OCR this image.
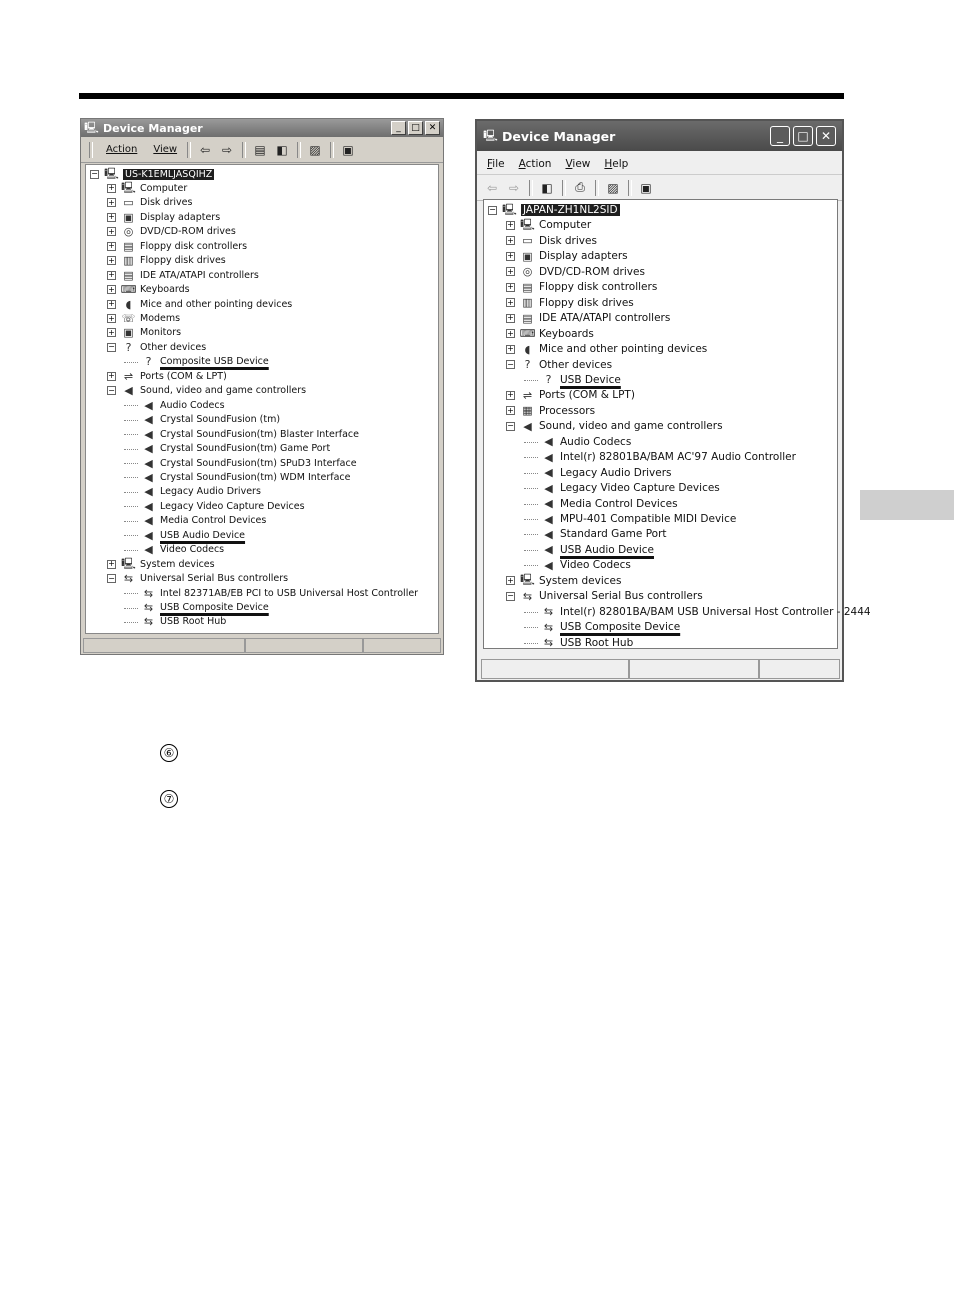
🖳 Device Manager	_	□ ✕
Action View	⇦ ⇨	▤ ◧ ▨ ▣
− 🖳 US-K1EMLJASQIHZ
+ 🖳 Computer
+ ▭ Disk drives
+ ▣ Display adapters
+ ◎ DVD/CD-ROM drives
+ ▤ Floppy disk controllers
+ ▥ Floppy disk drives
+ ▤ IDE ATA/ATAPI controllers
+ ⌨ Keyboards
+ ◖ Mice and other pointing devices
+ ☏ Modems
+ ▣ Monitors
− ? Other devices
? Composite USB Device
+ ⇌ Ports (COM & LPT)
− ◀ Sound, video and game controllers
◀ Audio Codecs
◀ Crystal SoundFusion (tm)
◀ Crystal SoundFusion(tm) Blaster Interface
◀ Crystal SoundFusion(tm) Game Port
◀ Crystal SoundFusion(tm) SPuD3 Interface
◀ Crystal SoundFusion(tm) WDM Interface
◀ Legacy Audio Drivers
◀ Legacy Video Capture Devices
◀ Media Control Devices
◀ USB Audio Device
◀ Video Codecs
+ 🖳 System devices
− ⇆ Universal Serial Bus controllers
⇆ Intel 82371AB/EB PCI to USB Universal Host Controller
⇆ USB Composite Device
⇆ USB Root Hub
🖳 Device Manager	_	□	✕
File Action View Help
⇦ ⇨	◧	⎙	▨ ▣
− 🖳 JAPAN-ZH1NL2SID
+ 🖳 Computer
+ ▭ Disk drives
+ ▣ Display adapters
+ ◎ DVD/CD-ROM drives
+ ▤ Floppy disk controllers
+ ▥ Floppy disk drives
+ ▤ IDE ATA/ATAPI controllers
+ ⌨ Keyboards
+ ◖ Mice and other pointing devices
− ? Other devices
? USB Device
+ ⇌ Ports (COM & LPT)
+ ▦ Processors
− ◀ Sound, video and game controllers
◀ Audio Codecs
◀ Intel(r) 82801BA/BAM AC'97 Audio Controller
◀ Legacy Audio Drivers
◀ Legacy Video Capture Devices
◀ Media Control Devices
◀ MPU-401 Compatible MIDI Device
◀ Standard Game Port
◀ USB Audio Device
◀ Video Codecs
+ 🖳 System devices
− ⇆ Universal Serial Bus controllers
⇆ Intel(r) 82801BA/BAM USB Universal Host Controller - 2444
⇆ USB Composite Device
⇆ USB Root Hub
⑥
⑦
